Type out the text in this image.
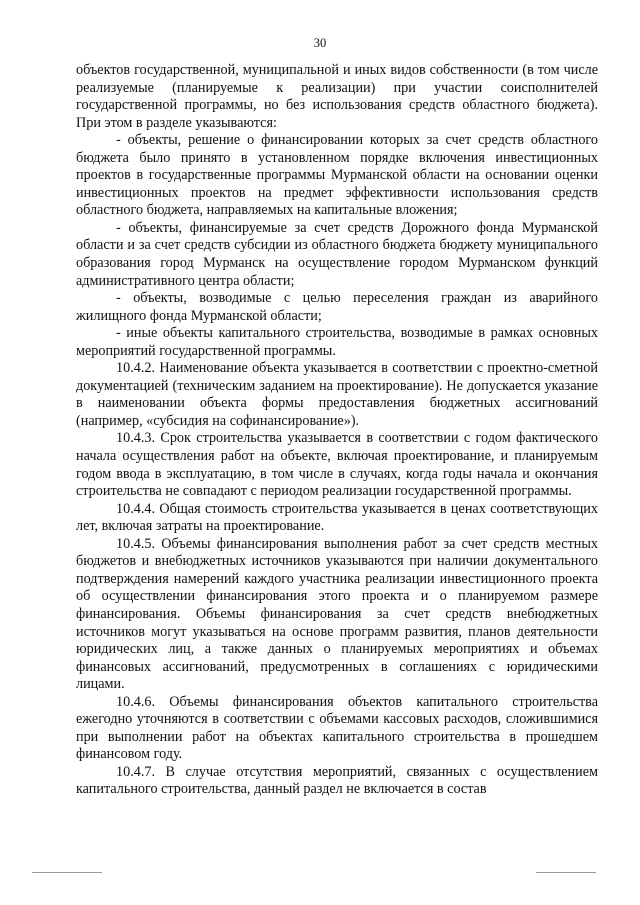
30

объектов государственной, муниципальной и иных видов собственности (в том числе реализуемые (планируемые к реализации) при участии соисполнителей государственной программы, но без использования средств областного бюджета). При этом в разделе указываются:

- объекты, решение о финансировании которых за счет средств областного бюджета было принято в установленном порядке включения инвестиционных проектов в государственные программы Мурманской области на основании оценки инвестиционных проектов на предмет эффективности использования средств областного бюджета, направляемых на капитальные вложения;

- объекты, финансируемые за счет средств Дорожного фонда Мурманской области и за счет средств субсидии из областного бюджета бюджету муниципального образования город Мурманск на осуществление городом Мурманском функций административного центра области;

- объекты, возводимые с целью переселения граждан из аварийного жилищного фонда Мурманской области;

- иные объекты капитального строительства, возводимые в рамках основных мероприятий государственной программы.

10.4.2. Наименование объекта указывается в соответствии с проектно-сметной документацией (техническим заданием на проектирование). Не допускается указание в наименовании объекта формы предоставления бюджетных ассигнований (например, «субсидия на софинансирование»).

10.4.3. Срок строительства указывается в соответствии с годом фактического начала осуществления работ на объекте, включая проектирование, и планируемым годом ввода в эксплуатацию, в том числе в случаях, когда годы начала и окончания строительства не совпадают с периодом реализации государственной программы.

10.4.4. Общая стоимость строительства указывается в ценах соответствующих лет, включая затраты на проектирование.

10.4.5. Объемы финансирования выполнения работ за счет средств местных бюджетов и внебюджетных источников указываются при наличии документального подтверждения намерений каждого участника реализации инвестиционного проекта об осуществлении финансирования этого проекта и о планируемом размере финансирования. Объемы финансирования за счет средств внебюджетных источников могут указываться на основе программ развития, планов деятельности юридических лиц, а также данных о планируемых мероприятиях и объемах финансовых ассигнований, предусмотренных в соглашениях с юридическими лицами.

10.4.6. Объемы финансирования объектов капитального строительства ежегодно уточняются в соответствии с объемами кассовых расходов, сложившимися при выполнении работ на объектах капитального строительства в прошедшем финансовом году.

10.4.7. В случае отсутствия мероприятий, связанных с осуществлением капитального строительства, данный раздел не включается в состав
